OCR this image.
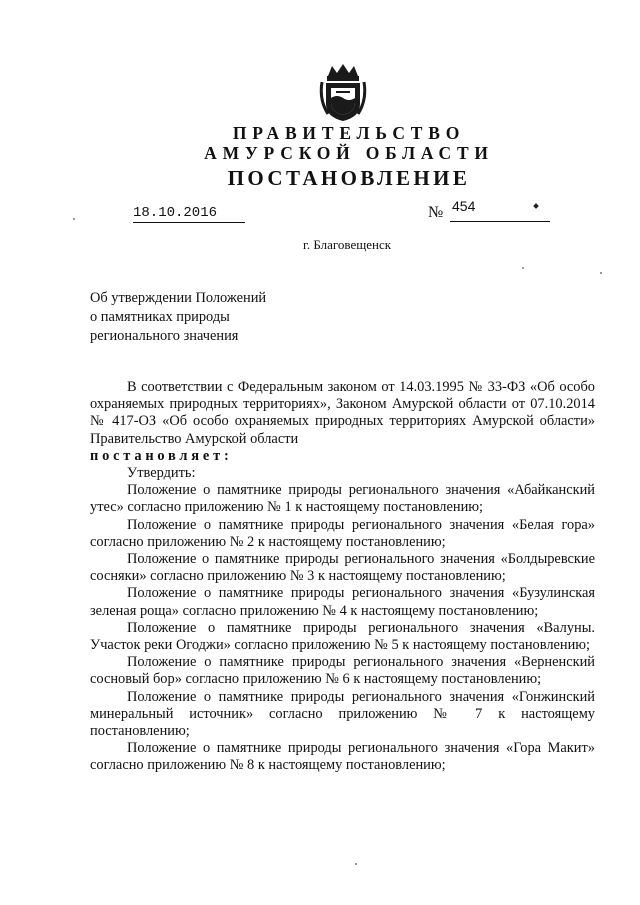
ПРАВИТЕЛЬСТВО
АМУРСКОЙ ОБЛАСТИ
ПОСТАНОВЛЕНИЕ
18.10.2016	№ 454
г. Благовещенск
Об утверждении Положений
о памятниках природы
регионального значения
В соответствии с Федеральным законом от 14.03.1995 № 33-ФЗ «Об особо охраняемых природных территориях», Законом Амурской области от 07.10.2014 № 417-ОЗ «Об особо охраняемых природных территориях Амурской области» Правительство Амурской области
постановляет:
Утвердить:
Положение о памятнике природы регионального значения «Абайканский утес» согласно приложению № 1 к настоящему постановлению;
Положение о памятнике природы регионального значения «Белая гора» согласно приложению № 2 к настоящему постановлению;
Положение о памятнике природы регионального значения «Болдыревские сосняки» согласно приложению № 3 к настоящему постановлению;
Положение о памятнике природы регионального значения «Бузулинская зеленая роща» согласно приложению № 4 к настоящему постановлению;
Положение о памятнике природы регионального значения «Валуны. Участок реки Огоджи» согласно приложению № 5 к настоящему постановлению;
Положение о памятнике природы регионального значения «Верненский сосновый бор» согласно приложению № 6 к настоящему постановлению;
Положение о памятнике природы регионального значения «Гонжинский минеральный источник» согласно приложению № 7 к настоящему постановлению;
Положение о памятнике природы регионального значения «Гора Макит» согласно приложению № 8 к настоящему постановлению;
